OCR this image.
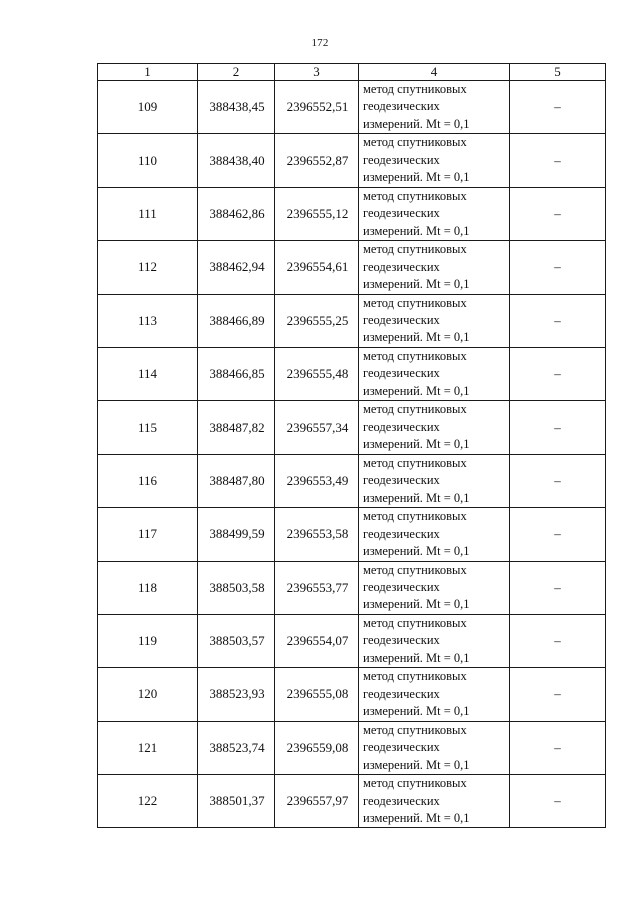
172
1	2	3	4	5
109	388438,45	2396552,51	метод спутниковых
геодезических
измерений. Mt = 0,1	–
110	388438,40	2396552,87	метод спутниковых
геодезических
измерений. Mt = 0,1	–
111	388462,86	2396555,12	метод спутниковых
геодезических
измерений. Mt = 0,1	–
112	388462,94	2396554,61	метод спутниковых
геодезических
измерений. Mt = 0,1	–
113	388466,89	2396555,25	метод спутниковых
геодезических
измерений. Mt = 0,1	–
114	388466,85	2396555,48	метод спутниковых
геодезических
измерений. Mt = 0,1	–
115	388487,82	2396557,34	метод спутниковых
геодезических
измерений. Mt = 0,1	–
116	388487,80	2396553,49	метод спутниковых
геодезических
измерений. Mt = 0,1	–
117	388499,59	2396553,58	метод спутниковых
геодезических
измерений. Mt = 0,1	–
118	388503,58	2396553,77	метод спутниковых
геодезических
измерений. Mt = 0,1	–
119	388503,57	2396554,07	метод спутниковых
геодезических
измерений. Mt = 0,1	–
120	388523,93	2396555,08	метод спутниковых
геодезических
измерений. Mt = 0,1	–
121	388523,74	2396559,08	метод спутниковых
геодезических
измерений. Mt = 0,1	–
122	388501,37	2396557,97	метод спутниковых
геодезических
измерений. Mt = 0,1	–
